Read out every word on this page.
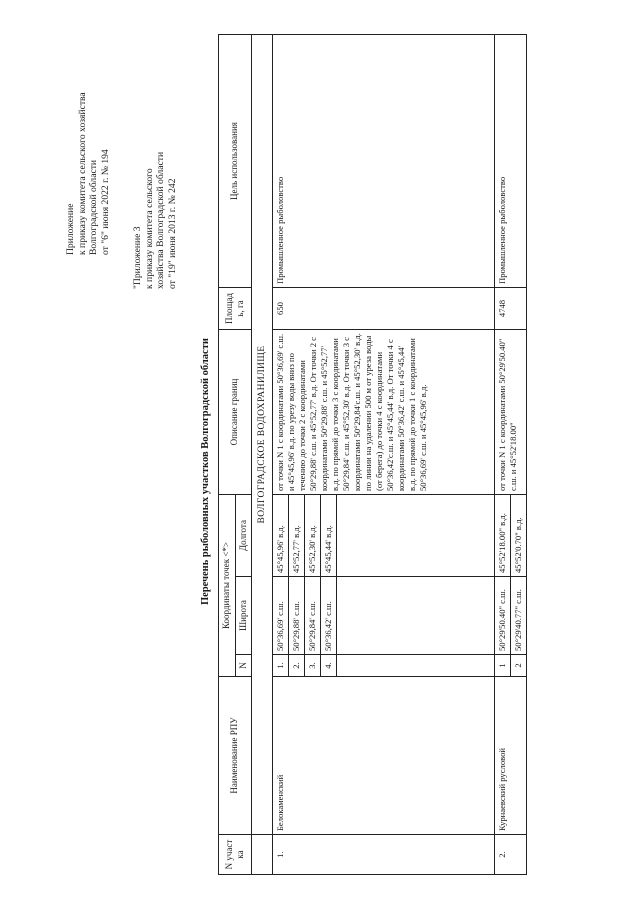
Приложение к приказу комитета сельского хозяйства Волгоградской области от "6" июня 2022 г. № 194
"Приложение 3 к приказу комитета сельского хозяйства Волгоградской области от "19" июня 2013 г. № 242
Перечень рыболовных участков Волгоградской области
N участ ка	Наименование РПУ	Координаты точек <*>			Описание границ	Площад ь, га	Цель использования
		N	Широта	Долгота			
	ВОЛГОГРАДСКОЕ ВОДОХРАНИЛИЩЕ						
1.	Белокаменский	1.	50°36,69' с.ш.	45°45,96' в.д.	от точки N 1 с координатами 50°36,69' с.ш. и 45°45,96' в.д. по урезу воды вниз по течению до точки 2 с координатами 50°29,88' с.ш. и 45°52,77' в.д. От точки 2 с координатами 50°29,88' с.ш. и 45°52,77' в.д. по прямой до точки 3 с координатами 50°29,84' с.ш. и 45°52,30' в.д. От точки 3 с координатами 50°29,84'с.ш. и 45°52,30' в.д. по линии на удалении 500 м от уреза воды (от берега) до точки 4 с координатами 50°36,42'с.ш. и 45°45,44' в.д. От точки 4 с координатами 50°36,42' с.ш. и 45°45,44' в.д. по прямой до точки 1 с координатами 50°36,69' с.ш. и 45°45,96' в.д.	650	Промышленное рыболовство
		2.	50°29,88' с.ш.	45°52,77' в.д.			
		3.	50°29,84' с.ш.	45°52,30' в.д.			
		4.	50°36,42' с.ш.	45°45,44' в.д.			

2.	Курнаевский русловой	1	50°29'50.40" с.ш.	45°52'18.00" в.д.	от точки N 1 с координатами 50°29'50.40" с.ш. и 45°52'18.00"	4748	Промышленное рыболовство
		2	50°29'40.77" с.ш.	45°52'0.70" в.д.			
